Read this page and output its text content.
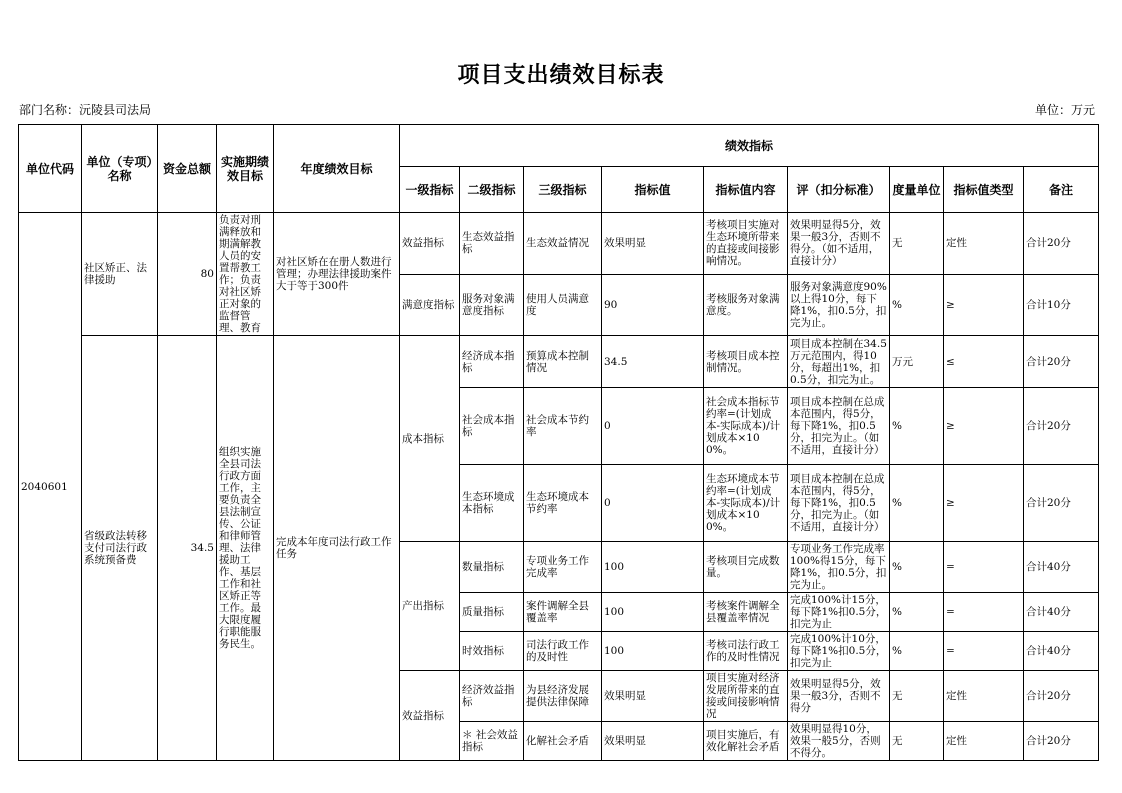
项目支出绩效目标表
部门名称：沅陵县司法局	单位：万元
单位代码	单位（专项）名称	资金总额	实施期绩效目标	年度绩效目标	绩效指标								
					一级指标	二级指标	三级指标	指标值	指标值内容	评（扣分标准）	度量单位	指标值类型	备注
2040601	社区矫正、法律援助	80	负责对刑满释放和期满解教人员的安置帮教工作；负责对社区矫正对象的监督管理、教育	对社区矫在在册人数进行管理；办理法律援助案件大于等于300件	效益指标	生态效益指标	生态效益情况	效果明显	考核项目实施对生态环境所带来的直接或间接影响情况。	效果明显得5分，效果一般3分，否则不得分。（如不适用，直接计分）	无	定性	合计20分
					满意度指标	服务对象满意度指标	使用人员满意度	90	考核服务对象满意度。	服务对象满意度90%以上得10分，每下降1%，扣0.5分，扣完为止。	%	≥	合计10分
	省级政法转移支付司法行政系统预备费	34.5	组织实施全县司法行政方面工作，主要负责全县法制宣传、公证和律师管理、法律援助工作、基层工作和社区矫正等工作。最大限度履行职能服务民生。	完成本年度司法行政工作任务	成本指标	经济成本指标	预算成本控制情况	34.5	考核项目成本控制情况。	项目成本控制在34.5万元范围内，得10分，每超出1%，扣0.5分，扣完为止。	万元	≤	合计20分
						社会成本指标	社会成本节约率	0	社会成本指标节约率=(计划成本-实际成本)/计划成本×100%。	项目成本控制在总成本范围内，得5分，每下降1%，扣0.5分，扣完为止。（如不适用，直接计分）	%	≥	合计20分
						生态环境成本指标	生态环境成本节约率	0	生态环境成本节约率=(计划成本-实际成本)/计划成本×100%。	项目成本控制在总成本范围内，得5分，每下降1%，扣0.5分，扣完为止。（如不适用，直接计分）	%	≥	合计20分
					产出指标	数量指标	专项业务工作完成率	100	考核项目完成数量。	专项业务工作完成率100%得15分，每下降1%，扣0.5分，扣完为止。	%	=	合计40分
						质量指标	案件调解全县覆盖率	100	考核案件调解全县覆盖率情况	完成100%计15分，每下降1%扣0.5分，扣完为止	%	=	合计40分
						时效指标	司法行政工作的及时性	100	考核司法行政工作的及时性情况	完成100%计10分，每下降1%扣0.5分，扣完为止	%	=	合计40分
					效益指标	经济效益指标	为县经济发展提供法律保障	效果明显	项目实施对经济发展所带来的直接或间接影响情况	效果明显得5分，效果一般3分，否则不得分	无	定性	合计20分
						＊ 社会效益指标	化解社会矛盾	效果明显	项目实施后，有效化解社会矛盾	效果明显得10分，效果一般5分，否则不得分。	无	定性	合计20分
